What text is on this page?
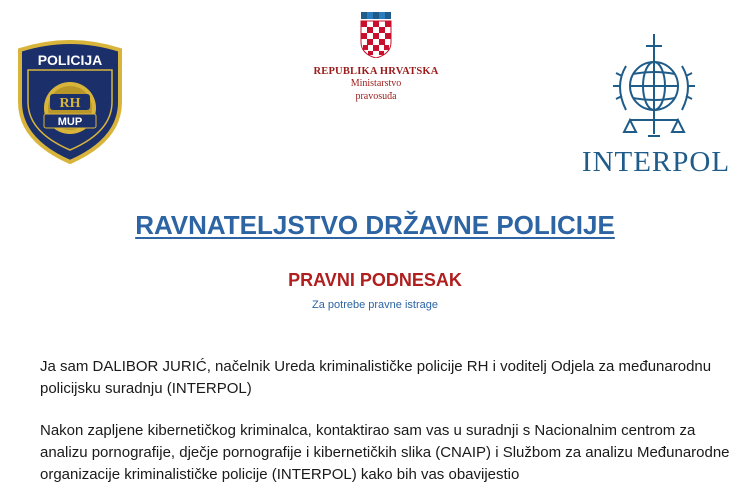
POLICIJA
RH
MUP
REPUBLIKA HRVATSKA
Ministarstvo
pravosuđa
INTERPOL
RAVNATELJSTVO DRŽAVNE POLICIJE
PRAVNI PODNESAK
Za potrebe pravne istrage

Ja sam DALIBOR JURIĆ, načelnik Ureda kriminalističke policije RH i voditelj Odjela za međunarodnu policijsku suradnju (INTERPOL)

Nakon zapljene kibernetičkog kriminalca, kontaktirao sam vas u suradnji s Nacionalnim centrom za analizu pornografije, dječje pornografije i kibernetičkih slika (CNAIP) i Službom za analizu Međunarodne organizacije kriminalističke policije (INTERPOL) kako bih vas obavijestio
